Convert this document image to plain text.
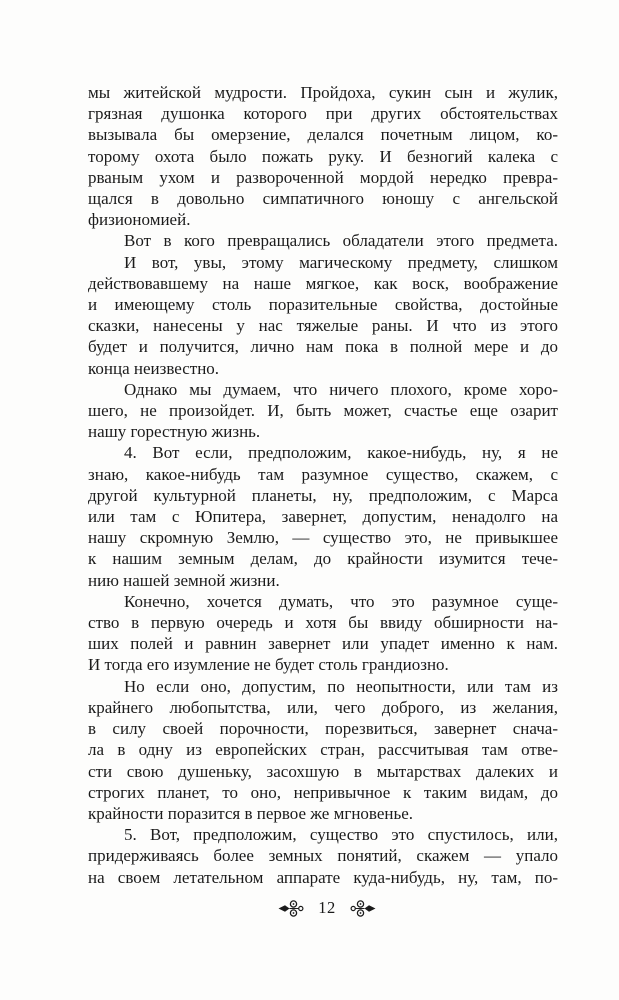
мы житейской мудрости. Пройдоха, сукин сын и жулик,
грязная душонка которого при других обстоятельствах
вызывала бы омерзение, делался почетным лицом, ко-
торому охота было пожать руку. И безногий калека с
рваным ухом и развороченной мордой нередко превра-
щался в довольно симпатичного юношу с ангельской
физиономией.

Вот в кого превращались обладатели этого предмета.

И вот, увы, этому магическому предмету, слишком
действовавшему на наше мягкое, как воск, воображение
и имеющему столь поразительные свойства, достойные
сказки, нанесены у нас тяжелые раны. И что из этого
будет и получится, лично нам пока в полной мере и до
конца неизвестно.

Однако мы думаем, что ничего плохого, кроме хоро-
шего, не произойдет. И, быть может, счастье еще озарит
нашу горестную жизнь.

4. Вот если, предположим, какое-нибудь, ну, я не
знаю, какое-нибудь там разумное существо, скажем, с
другой культурной планеты, ну, предположим, с Марса
или там с Юпитера, завернет, допустим, ненадолго на
нашу скромную Землю, — существо это, не привыкшее
к нашим земным делам, до крайности изумится тече-
нию нашей земной жизни.

Конечно, хочется думать, что это разумное суще-
ство в первую очередь и хотя бы ввиду обширности на-
ших полей и равнин завернет или упадет именно к нам.
И тогда его изумление не будет столь грандиозно.

Но если оно, допустим, по неопытности, или там из
крайнего любопытства, или, чего доброго, из желания,
в силу своей порочности, порезвиться, завернет снача-
ла в одну из европейских стран, рассчитывая там отве-
сти свою душеньку, засохшую в мытарствах далеких и
строгих планет, то оно, непривычное к таким видам, до
крайности поразится в первое же мгновенье.

5. Вот, предположим, существо это спустилось, или,
придерживаясь более земных понятий, скажем — упало
на своем летательном аппарате куда-нибудь, ну, там, по-

12
